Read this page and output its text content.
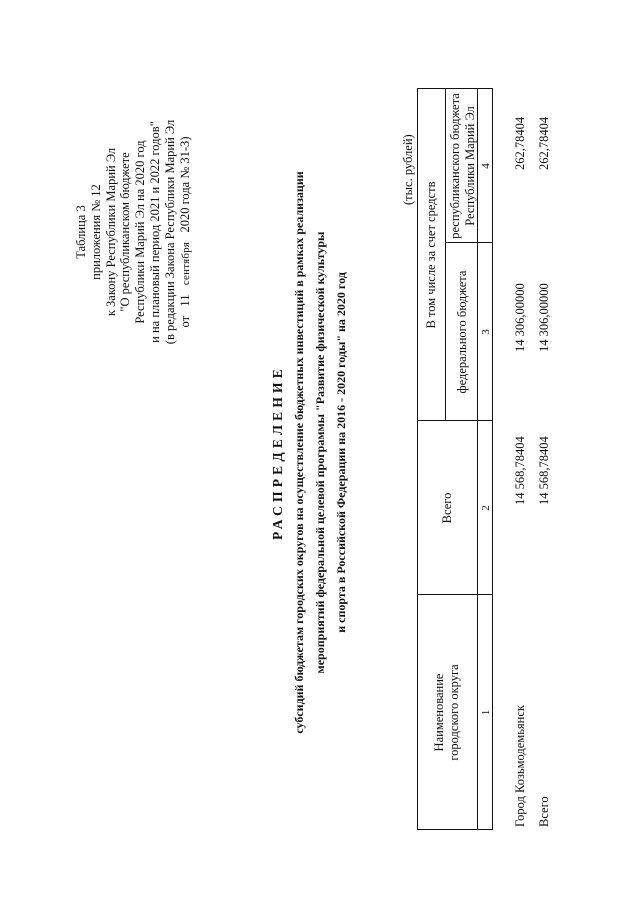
Таблица 3 приложения № 12 к Закону Республики Марий Эл "О республиканском бюджете Республики Марий Эл на 2020 год и на плановый период 2021 и 2022 годов" (в редакции Закона Республики Марий Эл от   11   сентября   2020 года № 31-З)
РАСПРЕДЕЛЕНИЕ субсидий бюджетам городских округов на осуществление бюджетных инвестиций в рамках реализации мероприятий федеральной целевой программы "Развитие физической культуры и спорта в Российской Федерации на 2016 - 2020 годы" на 2020 год
(тыс. рублей)
Наименование городского округа
Всего
В том числе за счет средств
федерального бюджета
республиканского бюджета Республики Марий Эл
1
2
3
4
Город Козьмодемьянск
14 568,78404
14 306,00000
262,78404
Всего
14 568,78404
14 306,00000
262,78404
